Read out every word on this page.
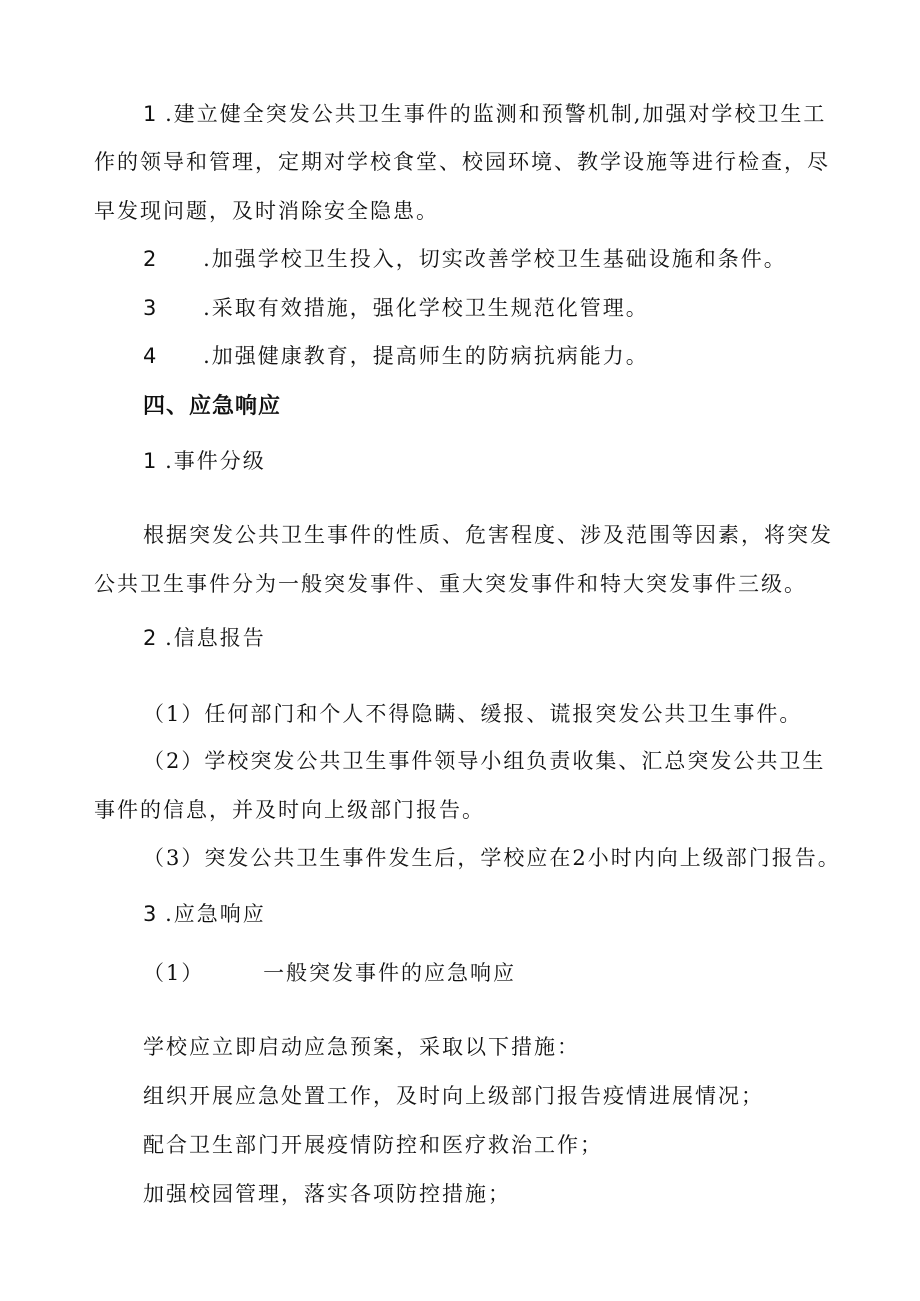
1 .建立健全突发公共卫生事件的监测和预警机制,加强对学校卫生工
作的领导和管理，定期对学校食堂、校园环境、教学设施等进行检查，尽
早发现问题，及时消除安全隐患。
2 .加强学校卫生投入，切实改善学校卫生基础设施和条件。
3 .采取有效措施，强化学校卫生规范化管理。
4 .加强健康教育，提高师生的防病抗病能力。
四、应急响应
1 .事件分级
根据突发公共卫生事件的性质、危害程度、涉及范围等因素，将突发
公共卫生事件分为一般突发事件、重大突发事件和特大突发事件三级。
2 .信息报告
（1）任何部门和个人不得隐瞒、缓报、谎报突发公共卫生事件。
（2）学校突发公共卫生事件领导小组负责收集、汇总突发公共卫生
事件的信息，并及时向上级部门报告。
（3）突发公共卫生事件发生后，学校应在2小时内向上级部门报告。
3 .应急响应
（1）	一般突发事件的应急响应
学校应立即启动应急预案，采取以下措施：
组织开展应急处置工作，及时向上级部门报告疫情进展情况；
配合卫生部门开展疫情防控和医疗救治工作；
加强校园管理，落实各项防控措施；
